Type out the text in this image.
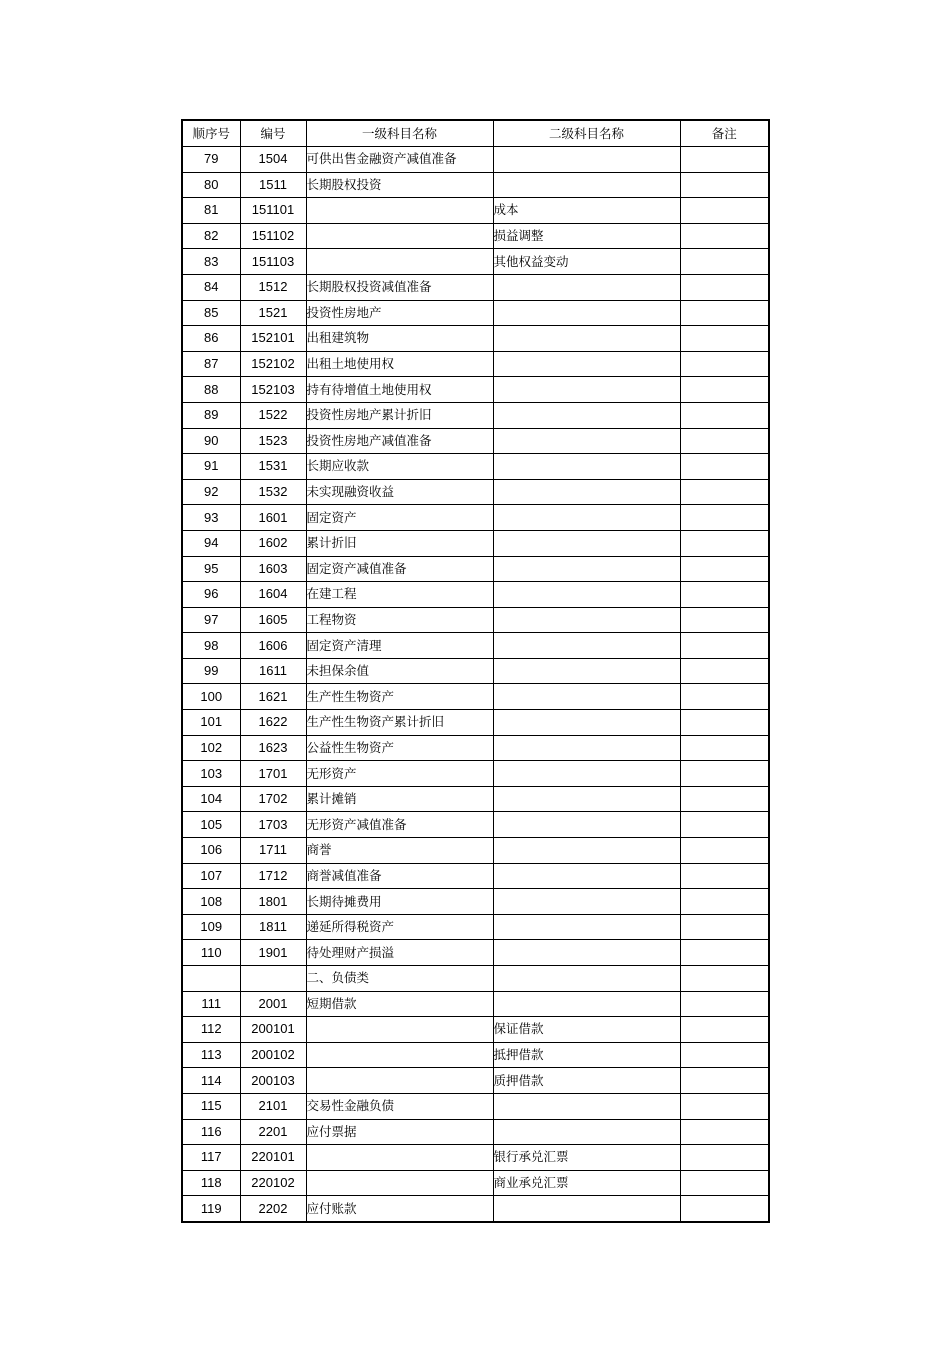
顺序号	编号	一级科目名称	二级科目名称	备注
79	1504	可供出售金融资产减值准备		
80	1511	长期股权投资		
81	151101		成本	
82	151102		损益调整	
83	151103		其他权益变动	
84	1512	长期股权投资减值准备		
85	1521	投资性房地产		
86	152101	出租建筑物		
87	152102	出租土地使用权		
88	152103	持有待增值土地使用权		
89	1522	投资性房地产累计折旧		
90	1523	投资性房地产减值准备		
91	1531	长期应收款		
92	1532	未实现融资收益		
93	1601	固定资产		
94	1602	累计折旧		
95	1603	固定资产减值准备		
96	1604	在建工程		
97	1605	工程物资		
98	1606	固定资产清理		
99	1611	未担保余值		
100	1621	生产性生物资产		
101	1622	生产性生物资产累计折旧		
102	1623	公益性生物资产		
103	1701	无形资产		
104	1702	累计摊销		
105	1703	无形资产减值准备		
106	1711	商誉		
107	1712	商誉减值准备		
108	1801	长期待摊费用		
109	1811	递延所得税资产		
110	1901	待处理财产损溢		
		二、负债类		
111	2001	短期借款		
112	200101		保证借款	
113	200102		抵押借款	
114	200103		质押借款	
115	2101	交易性金融负债		
116	2201	应付票据		
117	220101		银行承兑汇票	
118	220102		商业承兑汇票	
119	2202	应付账款		
